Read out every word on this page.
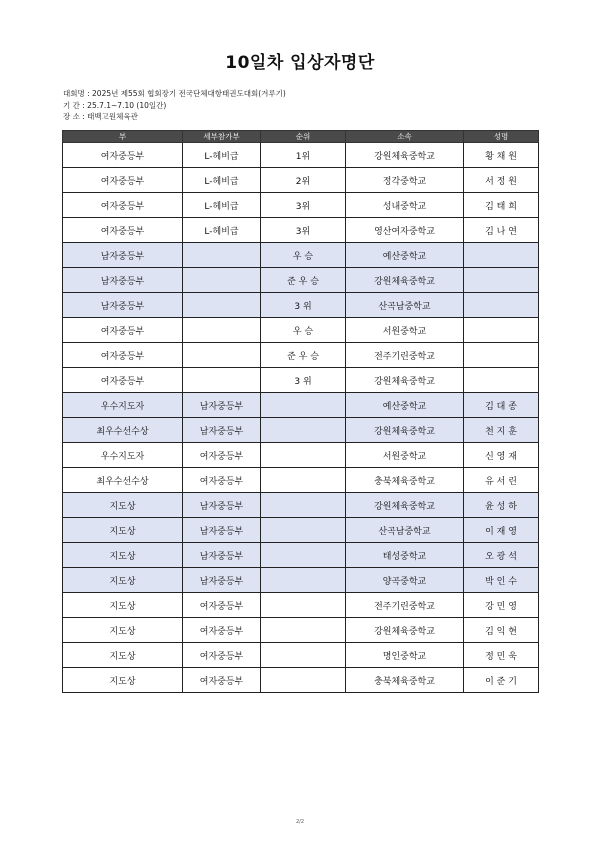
10일차 입상자명단
대회명 : 2025년 제55회 협회장기 전국단체대항태권도대회(겨루기)
기 간 : 25.7.1~7.10 (10일간)
장 소 : 태백고원체육관
부	세부참가부	순위	소속	성명
여자중등부	L-헤비급	1위	강원체육중학교	황 채 원
여자중등부	L-헤비급	2위	정각중학교	서 정 원
여자중등부	L-헤비급	3위	성내중학교	김 태 희
여자중등부	L-헤비급	3위	영산여자중학교	김 나 연
남자중등부		우 승	예산중학교	
남자중등부		준 우 승	강원체육중학교	
남자중등부		3 위	산곡남중학교	
여자중등부		우 승	서원중학교	
여자중등부		준 우 승	전주기린중학교	
여자중등부		3 위	강원체육중학교	
우수지도자	남자중등부		예산중학교	김 대 종
최우수선수상	남자중등부		강원체육중학교	천 지 훈
우수지도자	여자중등부		서원중학교	신 영 재
최우수선수상	여자중등부		충북체육중학교	유 서 린
지도상	남자중등부		강원체육중학교	윤 성 하
지도상	남자중등부		산곡남중학교	이 재 영
지도상	남자중등부		태성중학교	오 광 석
지도상	남자중등부		양곡중학교	박 인 수
지도상	여자중등부		전주기린중학교	강 민 영
지도상	여자중등부		강원체육중학교	김 익 현
지도상	여자중등부		명인중학교	정 민 욱
지도상	여자중등부		충북체육중학교	이 준 기
2/2
